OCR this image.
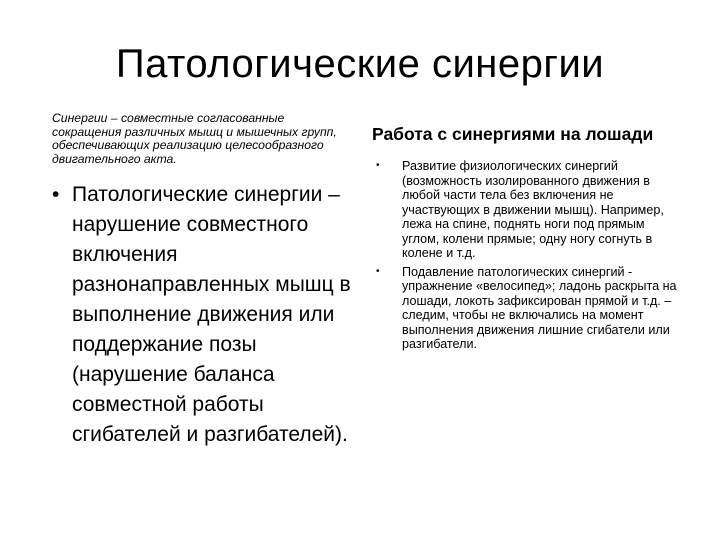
Патологические синергии

Синергии – совместные согласованные сокращения различных мышц и мышечных групп, обеспечивающих реализацию целесообразного двигательного акта.

• Патологические синергии – нарушение совместного включения разнонаправленных мышц в выполнение движения или поддержание позы (нарушение баланса совместной работы сгибателей и разгибателей).
Работа с синергиями на лошади
• Развитие физиологических синергий (возможность изолированного движения в любой части тела без включения не участвующих в движении мышц). Например, лежа на спине, поднять ноги под прямым углом, колени прямые; одну ногу согнуть в колене и т.д.
• Подавление патологических синергий - упражнение «велосипед»; ладонь раскрыта на лошади, локоть зафиксирован прямой и т.д. – следим, чтобы не включались на момент выполнения движения лишние сгибатели или разгибатели.
